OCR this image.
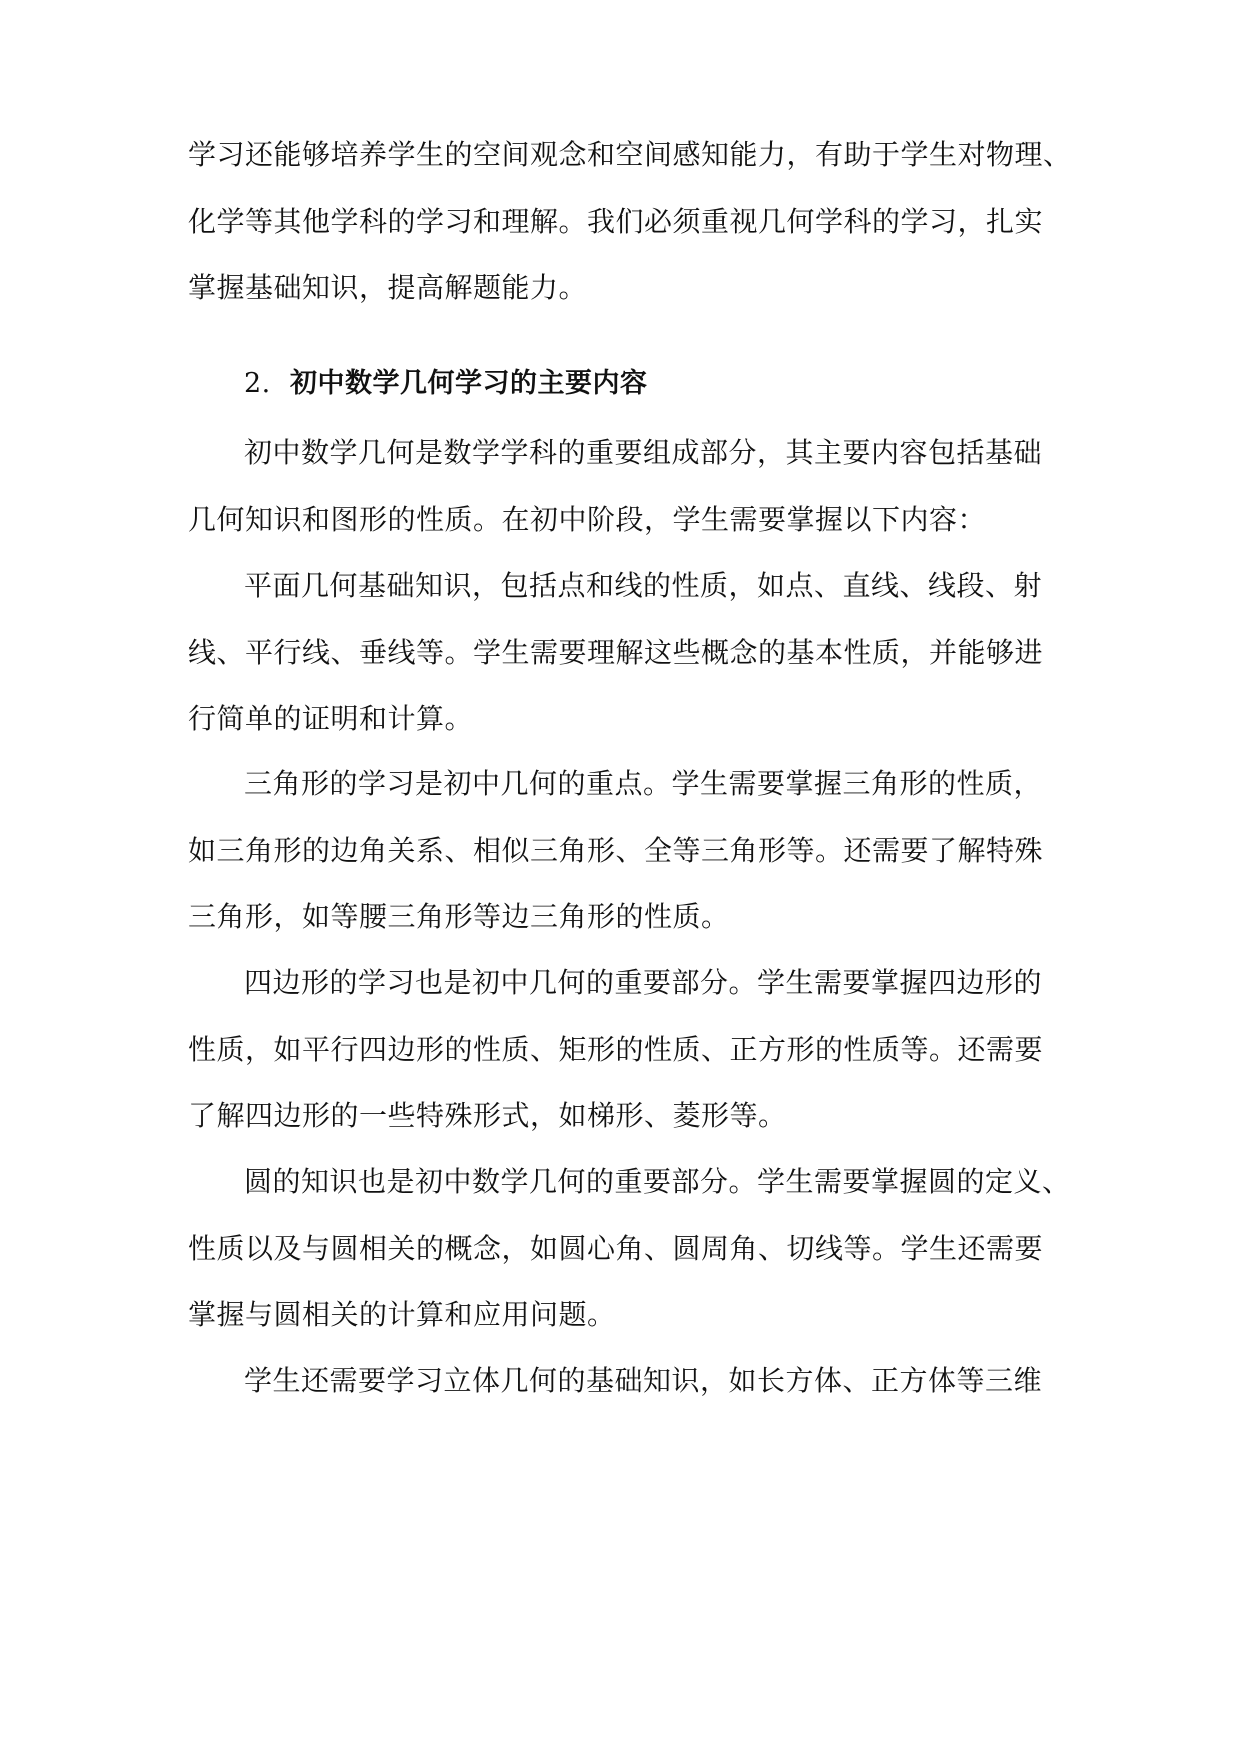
学习还能够培养学生的空间观念和空间感知能力，有助于学生对物理、
化学等其他学科的学习和理解。我们必须重视几何学科的学习，扎实
掌握基础知识，提高解题能力。
2. 初中数学几何学习的主要内容
初中数学几何是数学学科的重要组成部分，其主要内容包括基础
几何知识和图形的性质。在初中阶段，学生需要掌握以下内容：
平面几何基础知识，包括点和线的性质，如点、直线、线段、射
线、平行线、垂线等。学生需要理解这些概念的基本性质，并能够进
行简单的证明和计算。
三角形的学习是初中几何的重点。学生需要掌握三角形的性质，
如三角形的边角关系、相似三角形、全等三角形等。还需要了解特殊
三角形，如等腰三角形等边三角形的性质。
四边形的学习也是初中几何的重要部分。学生需要掌握四边形的
性质，如平行四边形的性质、矩形的性质、正方形的性质等。还需要
了解四边形的一些特殊形式，如梯形、菱形等。
圆的知识也是初中数学几何的重要部分。学生需要掌握圆的定义、
性质以及与圆相关的概念，如圆心角、圆周角、切线等。学生还需要
掌握与圆相关的计算和应用问题。
学生还需要学习立体几何的基础知识，如长方体、正方体等三维
